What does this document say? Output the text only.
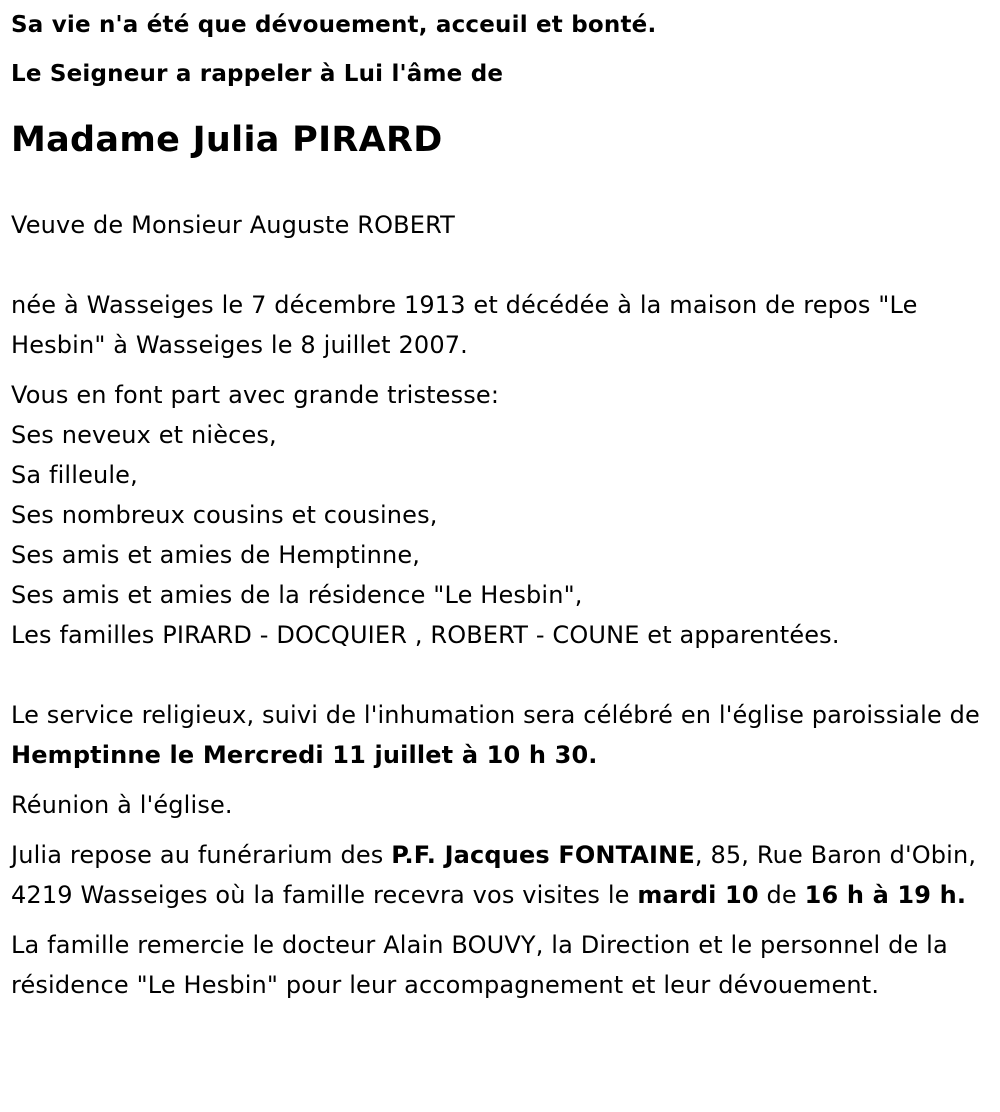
Sa vie n'a été que dévouement, acceuil et bonté.

Le Seigneur a rappeler à Lui l'âme de

Madame Julia PIRARD

Veuve de Monsieur Auguste ROBERT

née à Wasseiges le 7 décembre 1913 et décédée à la maison de repos "Le Hesbin" à Wasseiges le 8 juillet 2007.

Vous en font part avec grande tristesse:

Ses neveux et nièces,

Sa filleule,

Ses nombreux cousins et cousines,

Ses amis et amies de Hemptinne,

Ses amis et amies de la résidence "Le Hesbin",

Les familles PIRARD - DOCQUIER , ROBERT - COUNE et apparentées.

Le service religieux, suivi de l'inhumation sera célébré en l'église paroissiale de Hemptinne le Mercredi 11 juillet à 10 h 30.

Réunion à l'église.

Julia repose au funérarium des P.F. Jacques FONTAINE, 85, Rue Baron d'Obin, 4219 Wasseiges où la famille recevra vos visites le mardi 10 de 16 h à 19 h.

La famille remercie le docteur Alain BOUVY, la Direction et le personnel de la résidence "Le Hesbin" pour leur accompagnement et leur dévouement.
